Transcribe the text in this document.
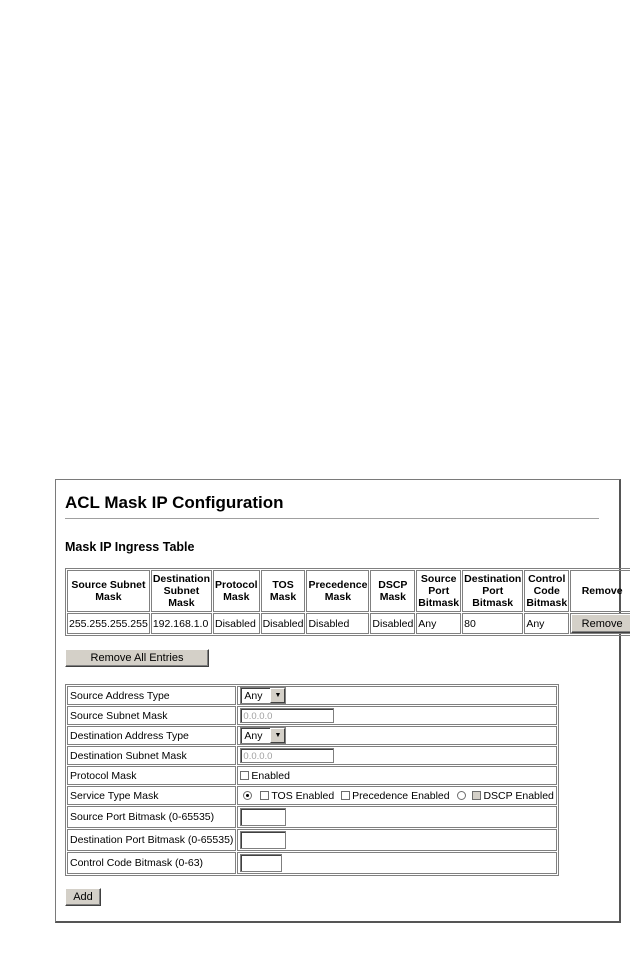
ACL Mask IP Configuration
Mask IP Ingress Table
Source Subnet Mask	Destination Subnet Mask	Protocol Mask	TOS Mask	Precedence Mask	DSCP Mask	Source Port Bitmask	Destination Port Bitmask	Control Code Bitmask	Remove
255.255.255.255	192.168.1.0	Disabled	Disabled	Disabled	Disabled	Any	80	Any	Remove
Remove All Entries
Source Address Type	Any ▼

Source Subnet Mask	0.0.0.0
Destination Address Type	Any ▼

Destination Subnet Mask	0.0.0.0
Protocol Mask	Enabled
Service Type Mask	TOS Enabled Precedence Enabled DSCP Enabled
Source Port Bitmask (0-65535)	
Destination Port Bitmask (0-65535)	
Control Code Bitmask (0-63)	
Add
